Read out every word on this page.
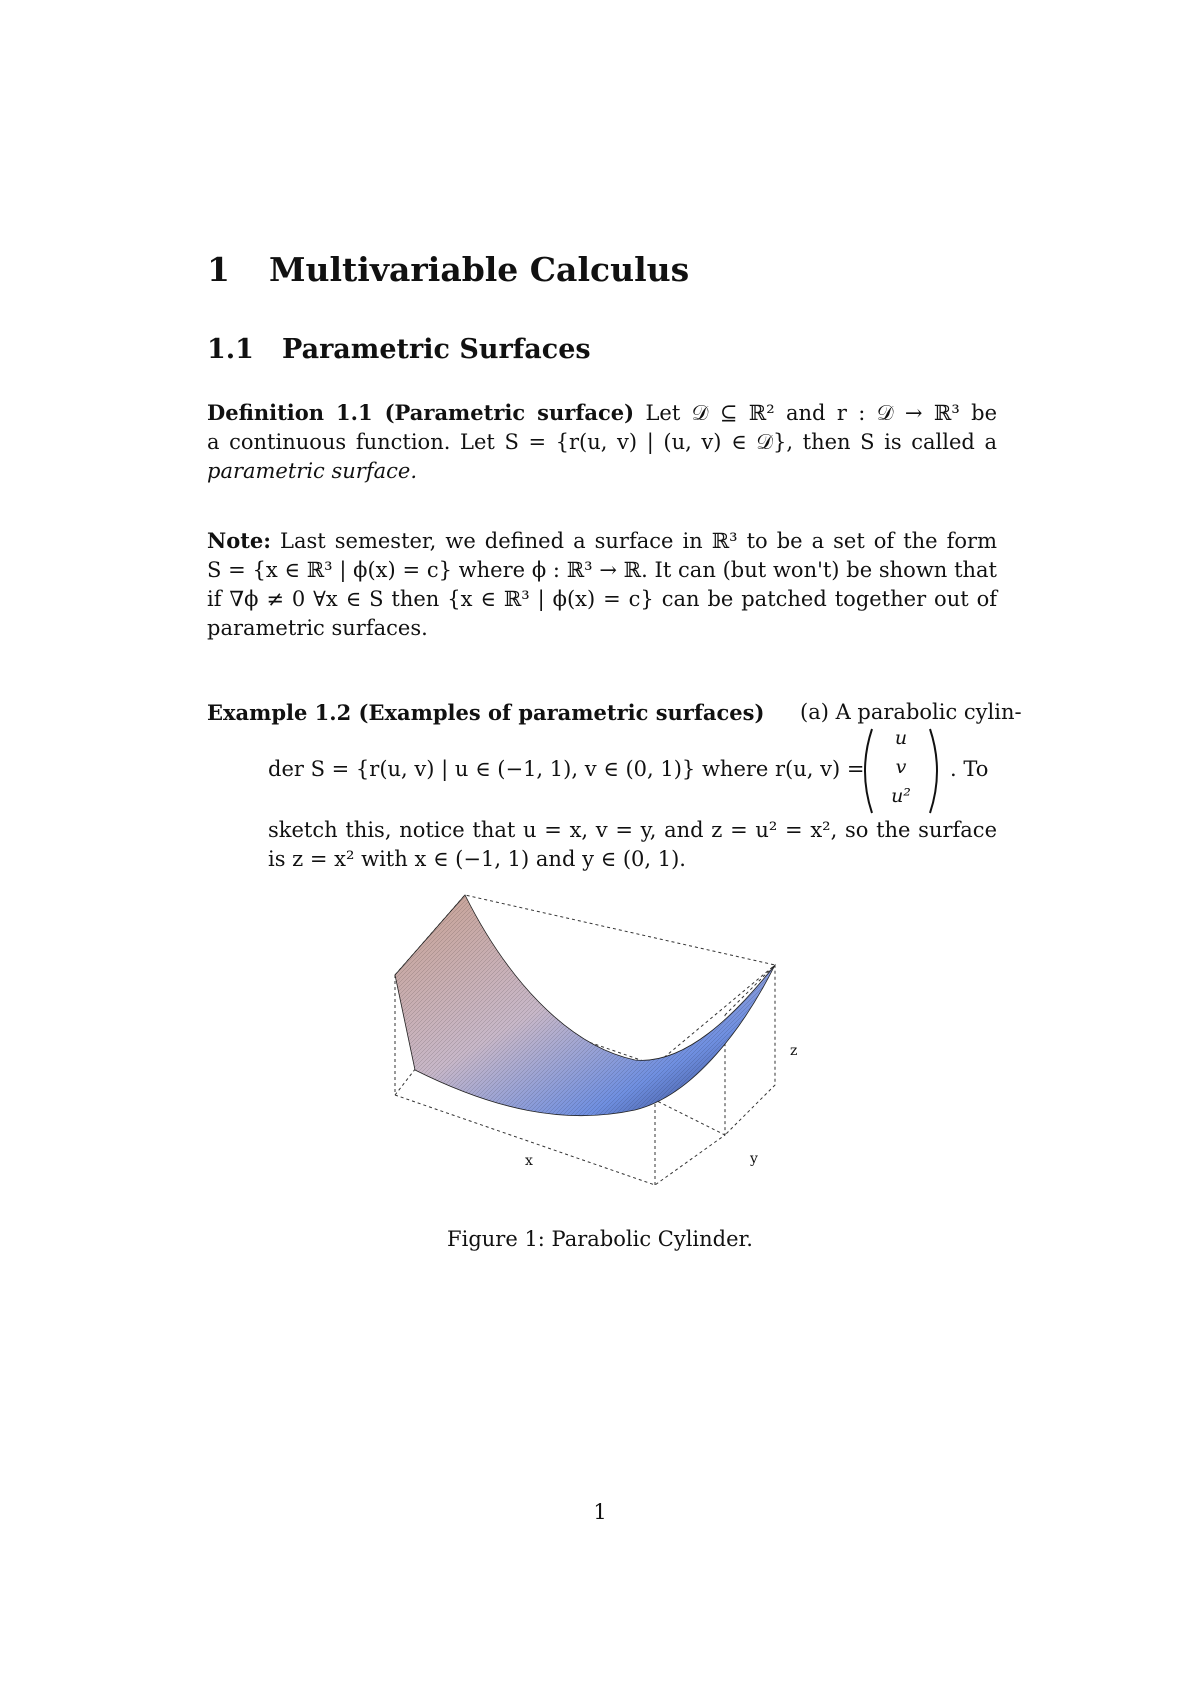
1 Multivariable Calculus
1.1 Parametric Surfaces
Definition 1.1 (Parametric surface) Let 𝒟 ⊆ ℝ² and r : 𝒟 → ℝ³ be
a continuous function. Let S = {r(u, v) | (u, v) ∈ 𝒟}, then S is called a
parametric surface.
Note: Last semester, we defined a surface in ℝ³ to be a set of the form
S = {x ∈ ℝ³ | ϕ(x) = c} where ϕ : ℝ³ → ℝ. It can (but won't) be shown that
if ∇ϕ ≠ 0 ∀x ∈ S then {x ∈ ℝ³ | ϕ(x) = c} can be patched together out of
parametric surfaces.
Example 1.2 (Examples of parametric surfaces) (a) A parabolic cylin-
der S = {r(u, v) | u ∈ (−1, 1), v ∈ (0, 1)} where r(u, v) =
u
v
u²
. To
sketch this, notice that u = x, v = y, and z = u² = x², so the surface
is z = x² with x ∈ (−1, 1) and y ∈ (0, 1).
x	y
z
Figure 1: Parabolic Cylinder.
1
